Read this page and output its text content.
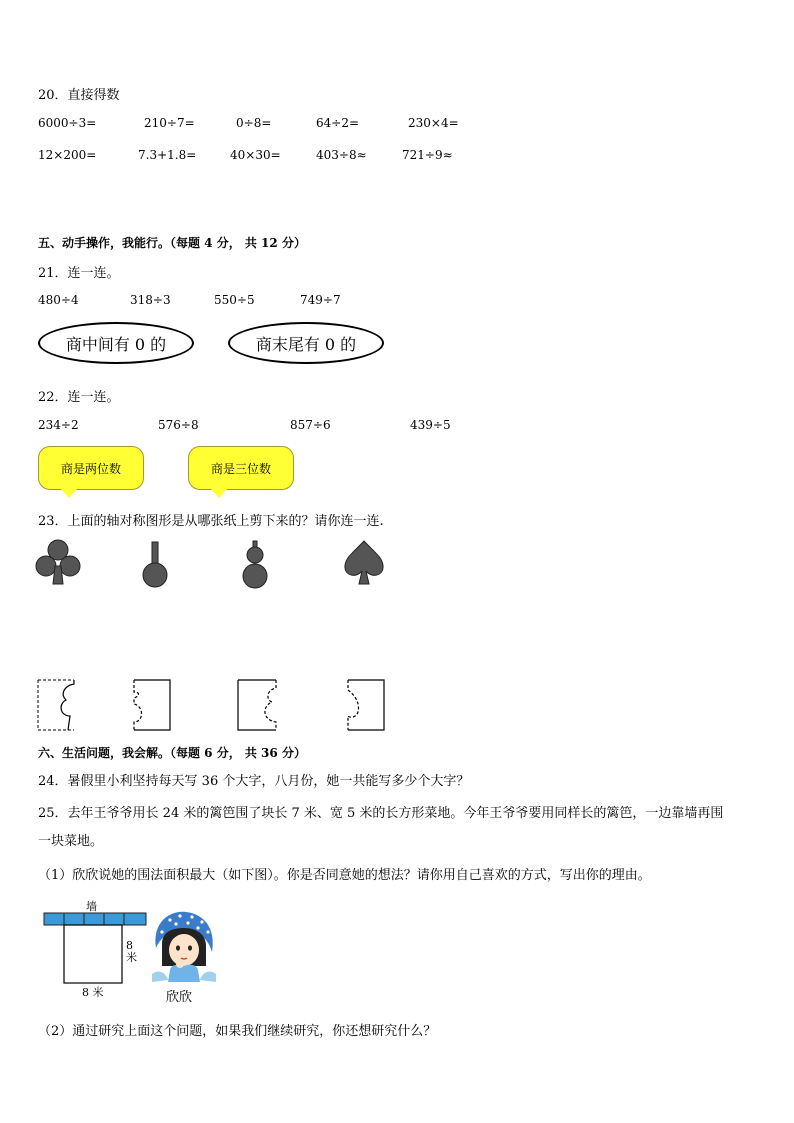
20．直接得数
6000÷3=	210÷7=	0÷8=	64÷2=	230×4=
12×200=	7.3+1.8=	40×30=	403÷8≈	721÷9≈
五、动手操作，我能行。（每题 4 分， 共 12 分）
21．连一连。
480÷4	318÷3	550÷5	749÷7
商中间有 0 的	商末尾有 0 的
22．连一连。
234÷2	576÷8	857÷6	439÷5
商是两位数	商是三位数
23．上面的轴对称图形是从哪张纸上剪下来的？请你连一连.
六、生活问题，我会解。（每题 6 分， 共 36 分）
24．暑假里小利坚持每天写 36 个大字，八月份，她一共能写多少个大字？
25．去年王爷爷用长 24 米的篱笆围了块长 7 米、宽 5 米的长方形菜地。今年王爷爷要用同样长的篱笆，一边靠墙再围
一块菜地。
（1）欣欣说她的围法面积最大（如下图）。你是否同意她的想法？请你用自己喜欢的方式，写出你的理由。
墙
8米
8 米	欣欣
（2）通过研究上面这个问题，如果我们继续研究，你还想研究什么？
